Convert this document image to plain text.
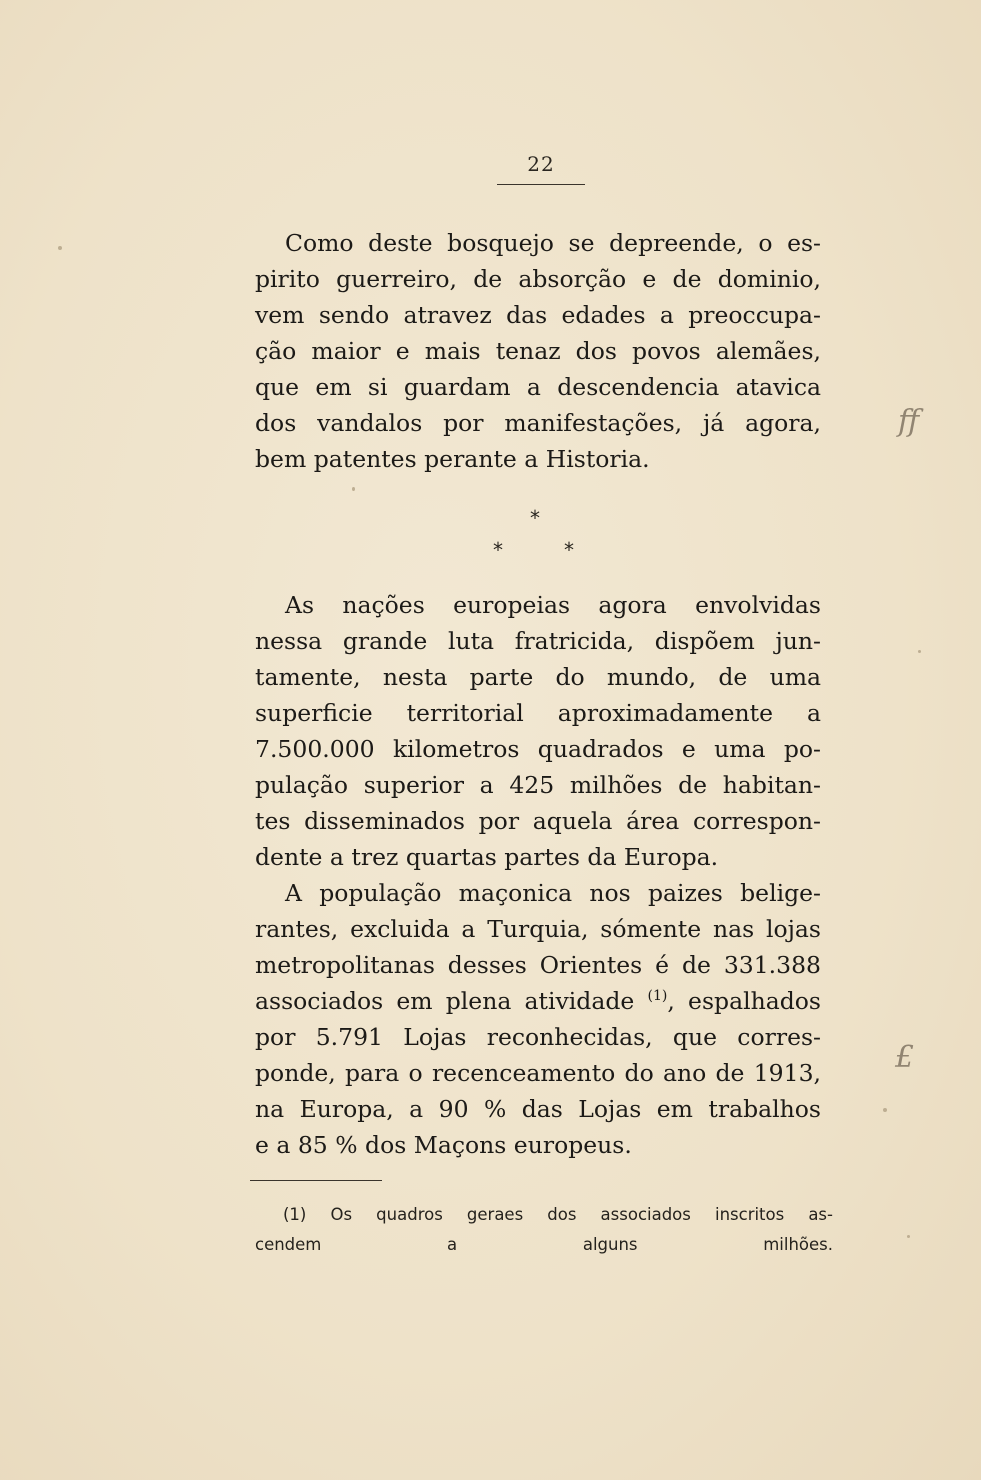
22
Como deste bosquejo se depreende, o es-
pirito guerreiro, de absorção e de dominio,
vem sendo atravez das edades a preoccupa-
ção maior e mais tenaz dos povos alemães,
que em si guardam a descendencia atavica
dos vandalos por manifestações, já agora,
bem patentes perante a Historia.
*
*	*
As nações europeias agora envolvidas
nessa grande luta fratricida, dispõem jun-
tamente, nesta parte do mundo, de uma
superficie territorial aproximadamente a
7.500.000 kilometros quadrados e uma po-
pulação superior a 425 milhões de habitan-
tes disseminados por aquela área correspon-
dente a trez quartas partes da Europa.
A população maçonica nos paizes belige-
rantes, excluida a Turquia, sómente nas lojas
metropolitanas desses Orientes é de 331.388
associados em plena atividade $^{(1)}$, espalhados
por 5.791 Lojas reconhecidas, que corres-
ponde, para o recenceamento do ano de 1913,
na Europa, a 90 % das Lojas em trabalhos
e a 85 % dos Maçons europeus.
(1) Os quadros geraes dos associados inscritos as-
cendem a alguns milhões.
ff
£
